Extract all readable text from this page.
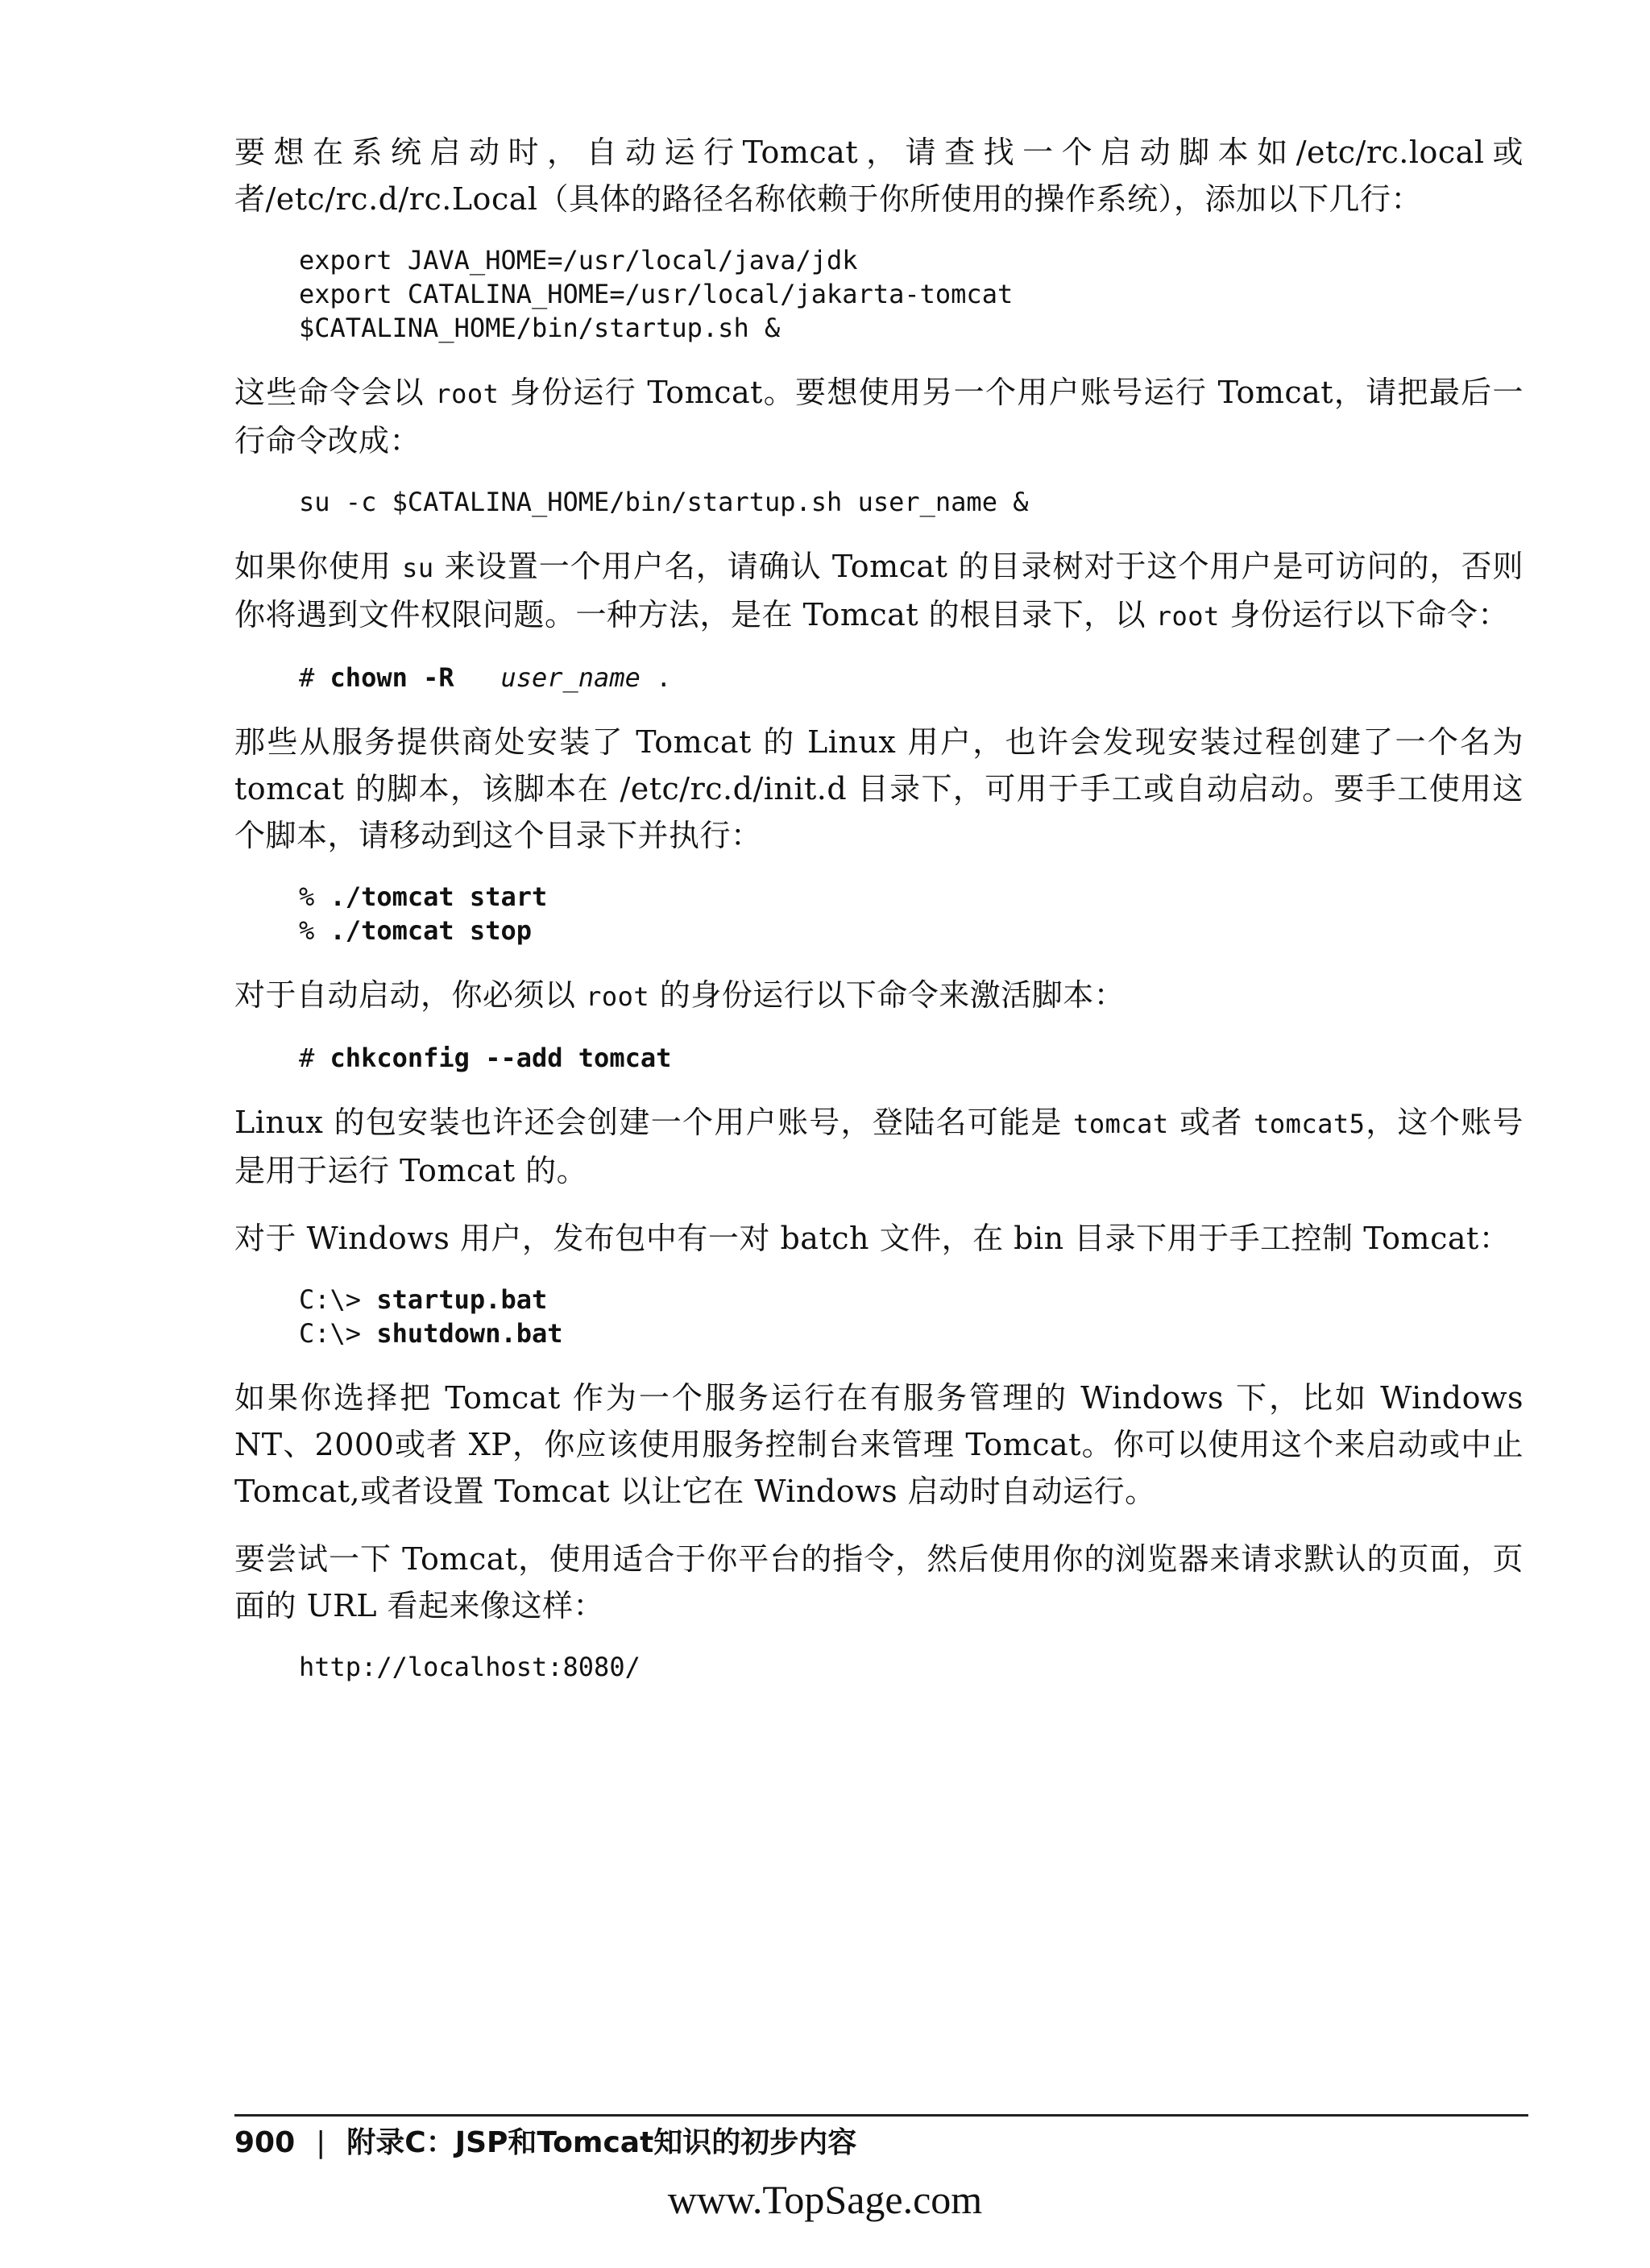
要想在系统启动时，自动运行Tomcat，请查找一个启动脚本如/etc/rc.local或者/etc/rc.d/rc.Local（具体的路径名称依赖于你所使用的操作系统），添加以下几行：

export JAVA_HOME=/usr/local/java/jdk
export CATALINA_HOME=/usr/local/jakarta-tomcat
$CATALINA_HOME/bin/startup.sh &

这些命令会以 root 身份运行 Tomcat。要想使用另一个用户账号运行 Tomcat，请把最后一行命令改成：

su -c $CATALINA_HOME/bin/startup.sh user_name &

如果你使用 su 来设置一个用户名，请确认 Tomcat 的目录树对于这个用户是可访问的，否则你将遇到文件权限问题。一种方法，是在 Tomcat 的根目录下，以 root 身份运行以下命令：

# chown -R user_name .

那些从服务提供商处安装了 Tomcat 的 Linux 用户，也许会发现安装过程创建了一个名为 tomcat 的脚本，该脚本在 /etc/rc.d/init.d 目录下，可用于手工或自动启动。要手工使用这个脚本，请移动到这个目录下并执行：

% ./tomcat start
% ./tomcat stop

对于自动启动，你必须以 root 的身份运行以下命令来激活脚本：

# chkconfig --add tomcat

Linux 的包安装也许还会创建一个用户账号，登陆名可能是 tomcat 或者 tomcat5，这个账号是用于运行 Tomcat 的。

对于 Windows 用户，发布包中有一对 batch 文件，在 bin 目录下用于手工控制 Tomcat：

C:\> startup.bat
C:\> shutdown.bat

如果你选择把 Tomcat 作为一个服务运行在有服务管理的 Windows 下，比如 Windows NT、2000或者 XP，你应该使用服务控制台来管理 Tomcat。你可以使用这个来启动或中止Tomcat,或者设置 Tomcat 以让它在 Windows 启动时自动运行。

要尝试一下 Tomcat，使用适合于你平台的指令，然后使用你的浏览器来请求默认的页面，页面的 URL 看起来像这样：

http://localhost:8080/
900 | 附录C：JSP和Tomcat知识的初步内容
www.TopSage.com
